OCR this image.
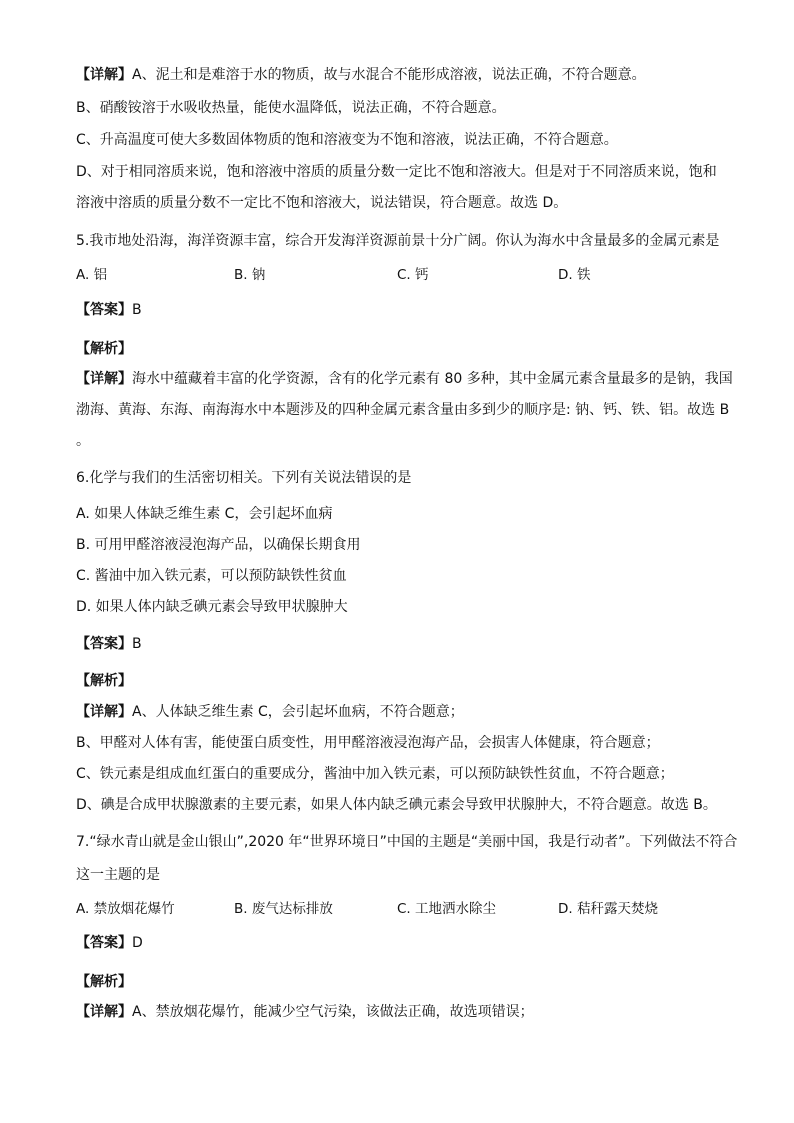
【详解】A、泥土和是难溶于水的物质，故与水混合不能形成溶液，说法正确，不符合题意。
B、硝酸铵溶于水吸收热量，能使水温降低，说法正确，不符合题意。
C、升高温度可使大多数固体物质的饱和溶液变为不饱和溶液，说法正确，不符合题意。
D、对于相同溶质来说，饱和溶液中溶质的质量分数一定比不饱和溶液大。但是对于不同溶质来说，饱和
溶液中溶质的质量分数不一定比不饱和溶液大，说法错误，符合题意。故选 D。
5.我市地处沿海，海洋资源丰富，综合开发海洋资源前景十分广阔。你认为海水中含量最多的金属元素是
A. 铝	B. 钠	C. 钙	D. 铁
【答案】B
【解析】
【详解】海水中蕴藏着丰富的化学资源，含有的化学元素有 80 多种，其中金属元素含量最多的是钠，我国
渤海、黄海、东海、南海海水中本题涉及的四种金属元素含量由多到少的顺序是: 钠、钙、铁、铝。故选 B
。
6.化学与我们的生活密切相关。下列有关说法错误的是
A. 如果人体缺乏维生素 C，会引起坏血病
B. 可用甲醛溶液浸泡海产品，以确保长期食用
C. 酱油中加入铁元素，可以预防缺铁性贫血
D. 如果人体内缺乏碘元素会导致甲状腺肿大
【答案】B
【解析】
【详解】A、人体缺乏维生素 C，会引起坏血病，不符合题意；
B、甲醛对人体有害，能使蛋白质变性，用甲醛溶液浸泡海产品，会损害人体健康，符合题意；
C、铁元素是组成血红蛋白的重要成分，酱油中加入铁元素，可以预防缺铁性贫血，不符合题意；
D、碘是合成甲状腺激素的主要元素，如果人体内缺乏碘元素会导致甲状腺肿大，不符合题意。故选 B。
7.“绿水青山就是金山银山”,2020 年“世界环境日”中国的主题是“美丽中国，我是行动者”。下列做法不符合
这一主题的是
A. 禁放烟花爆竹	B. 废气达标排放	C. 工地洒水除尘	D. 秸秆露天焚烧
【答案】D
【解析】
【详解】A、禁放烟花爆竹，能减少空气污染，该做法正确，故选项错误；
